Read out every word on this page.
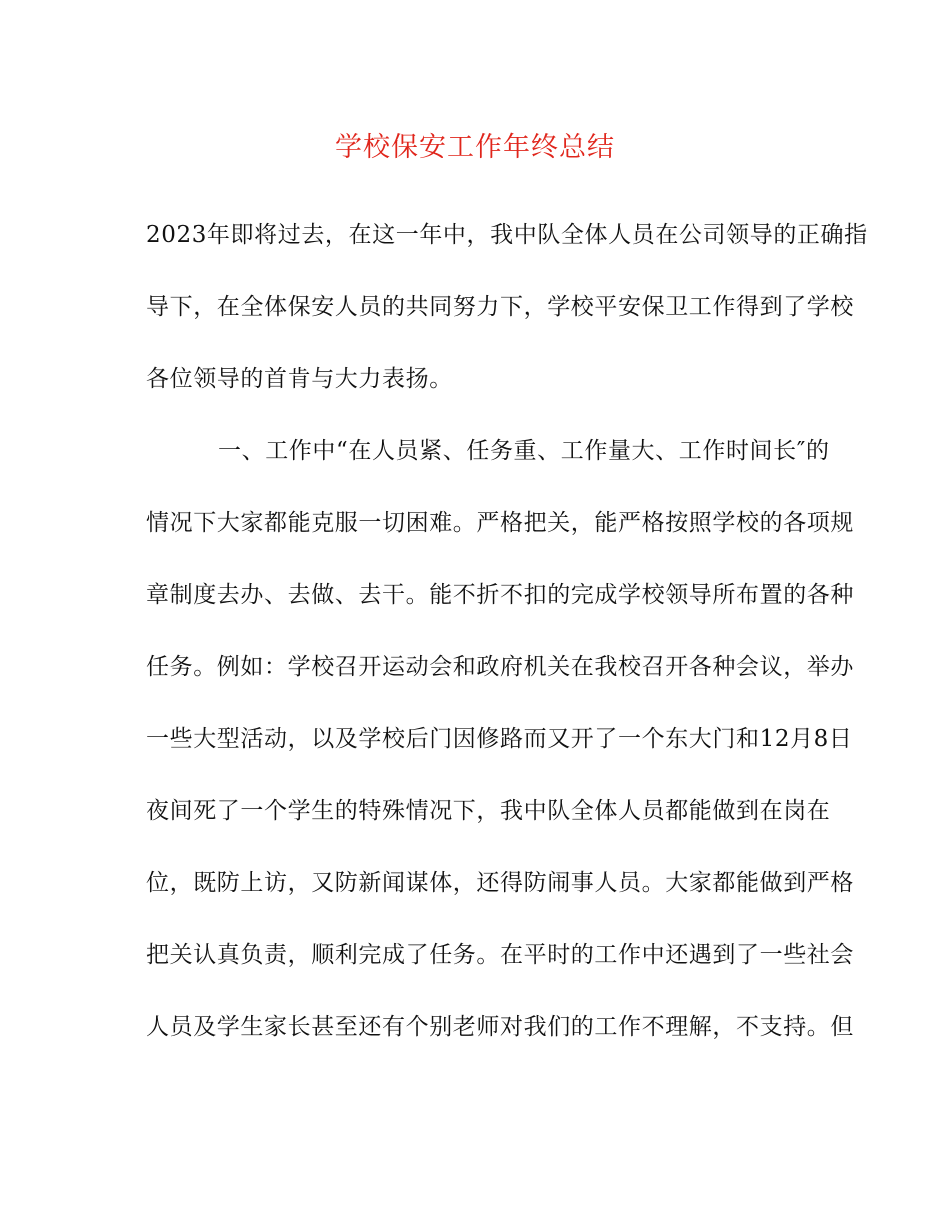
学校保安工作年终总结
2023年即将过去，在这一年中，我中队全体人员在公司领导的正确指
导下，在全体保安人员的共同努力下，学校平安保卫工作得到了学校
各位领导的首肯与大力表扬。
一、工作中“在人员紧、任务重、工作量大、工作时间长″的
情况下大家都能克服一切困难。严格把关，能严格按照学校的各项规
章制度去办、去做、去干。能不折不扣的完成学校领导所布置的各种
任务。例如：学校召开运动会和政府机关在我校召开各种会议，举办
一些大型活动，以及学校后门因修路而又开了一个东大门和12月8日
夜间死了一个学生的特殊情况下，我中队全体人员都能做到在岗在
位，既防上访，又防新闻谋体，还得防闹事人员。大家都能做到严格
把关认真负责，顺利完成了任务。在平时的工作中还遇到了一些社会
人员及学生家长甚至还有个别老师对我们的工作不理解，不支持。但
